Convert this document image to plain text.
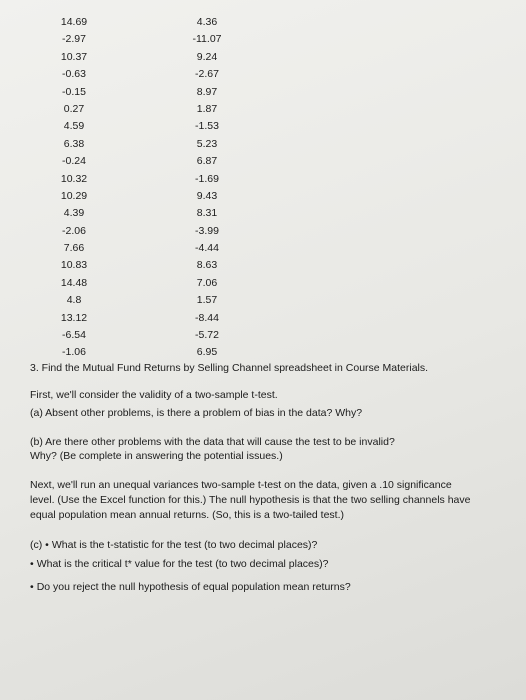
14.69	4.36
-2.97	-11.07
10.37	9.24
-0.63	-2.67
-0.15	8.97
0.27	1.87
4.59	-1.53
6.38	5.23
-0.24	6.87
10.32	-1.69
10.29	9.43
4.39	8.31
-2.06	-3.99
7.66	-4.44
10.83	8.63
14.48	7.06
4.8	1.57
13.12	-8.44
-6.54	-5.72
-1.06	6.95
3. Find the Mutual Fund Returns by Selling Channel spreadsheet in Course Materials.
First, we'll consider the validity of a two-sample t-test.
(a) Absent other problems, is there a problem of bias in the data? Why?
(b) Are there other problems with the data that will cause the test to be invalid?
Why? (Be complete in answering the potential issues.)
Next, we'll run an unequal variances two-sample t-test on the data, given a .10 significance
level. (Use the Excel function for this.) The null hypothesis is that the two selling channels have
equal population mean annual returns. (So, this is a two-tailed test.)
(c) • What is the t-statistic for the test (to two decimal places)?
• What is the critical t* value for the test (to two decimal places)?
• Do you reject the null hypothesis of equal population mean returns?
